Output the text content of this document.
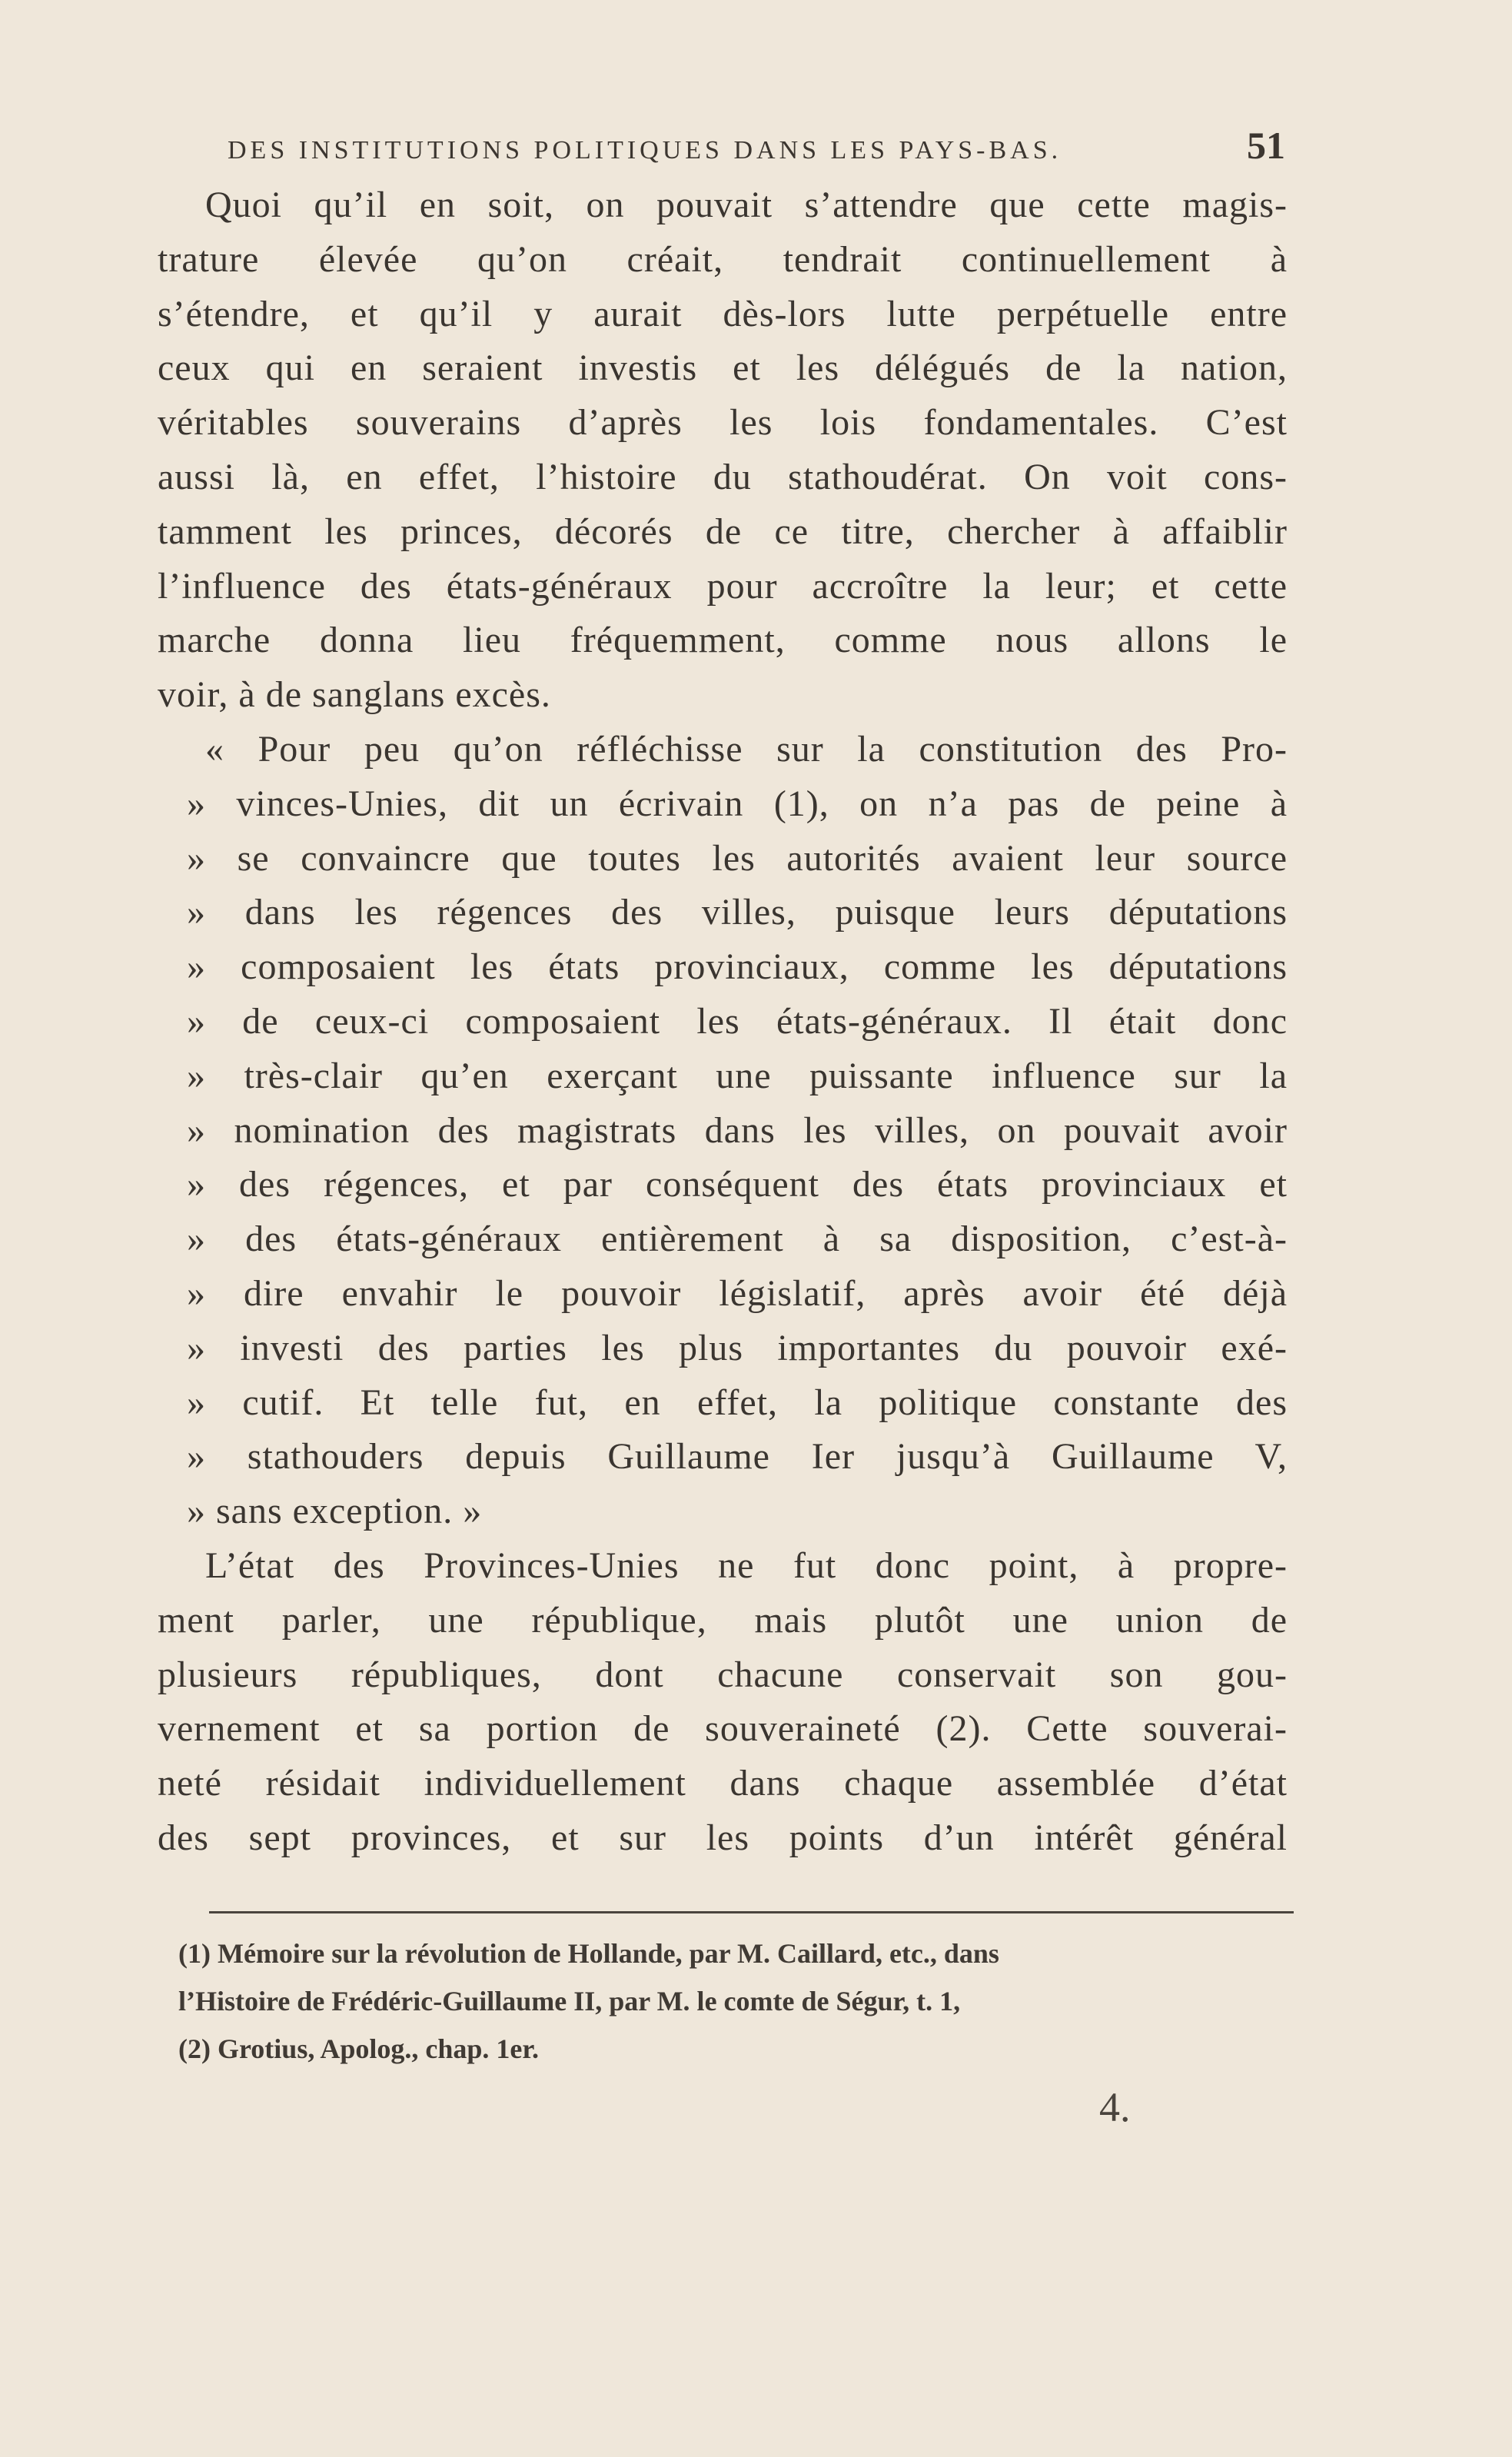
DES INSTITUTIONS POLITIQUES DANS LES PAYS-BAS.	51
Quoi qu’il en soit, on pouvait s’attendre que cette magis-
trature élevée qu’on créait, tendrait continuellement à
s’étendre, et qu’il y aurait dès-lors lutte perpétuelle entre
ceux qui en seraient investis et les délégués de la nation,
véritables souverains d’après les lois fondamentales. C’est
aussi là, en effet, l’histoire du stathoudérat. On voit cons-
tamment les princes, décorés de ce titre, chercher à affaiblir
l’influence des états-généraux pour accroître la leur; et cette
marche donna lieu fréquemment, comme nous allons le
voir, à de sanglans excès.
« Pour peu qu’on réfléchisse sur la constitution des Pro-
» vinces-Unies, dit un écrivain (1), on n’a pas de peine à
» se convaincre que toutes les autorités avaient leur source
» dans les régences des villes, puisque leurs députations
» composaient les états provinciaux, comme les députations
» de ceux-ci composaient les états-généraux. Il était donc
» très-clair qu’en exerçant une puissante influence sur la
» nomination des magistrats dans les villes, on pouvait avoir
» des régences, et par conséquent des états provinciaux et
» des états-généraux entièrement à sa disposition, c’est-à-
» dire envahir le pouvoir législatif, après avoir été déjà
» investi des parties les plus importantes du pouvoir exé-
» cutif. Et telle fut, en effet, la politique constante des
» stathouders depuis Guillaume Ier jusqu’à Guillaume V,
» sans exception. »
L’état des Provinces-Unies ne fut donc point, à propre-
ment parler, une république, mais plutôt une union de
plusieurs républiques, dont chacune conservait son gou-
vernement et sa portion de souveraineté (2). Cette souverai-
neté résidait individuellement dans chaque assemblée d’état
des sept provinces, et sur les points d’un intérêt général
(1) Mémoire sur la révolution de Hollande, par M. Caillard, etc., dans
l’Histoire de Frédéric-Guillaume II, par M. le comte de Ségur, t. 1,
(2) Grotius, Apolog., chap. 1er.
4.
